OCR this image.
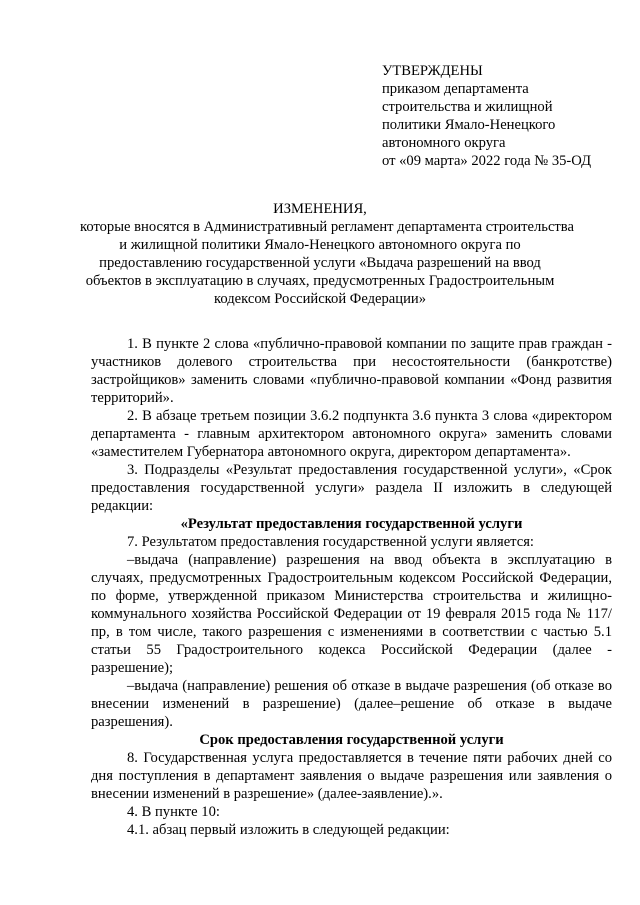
УТВЕРЖДЕНЫ
приказом департамента
строительства и жилищной
политики Ямало-Ненецкого
автономного округа
от «09 марта» 2022 года № 35-ОД
ИЗМЕНЕНИЯ,
которые вносятся в Административный регламент департамента строительства
и жилищной политики Ямало-Ненецкого автономного округа по
предоставлению государственной услуги «Выдача разрешений на ввод
объектов в эксплуатацию в случаях, предусмотренных Градостроительным
кодексом Российской Федерации»

1. В пункте 2 слова «публично-правовой компании по защите прав граждан - участников долевого строительства при несостоятельности (банкротстве) застройщиков» заменить словами «публично-правовой компании «Фонд развития территорий».

2. В абзаце третьем позиции 3.6.2 подпункта 3.6 пункта 3 слова «директором департамента - главным архитектором автономного округа» заменить словами «заместителем Губернатора автономного округа, директором департамента».

3. Подразделы «Результат предоставления государственной услуги», «Срок предоставления государственной услуги» раздела II изложить в следующей редакции:

«Результат предоставления государственной услуги

7. Результатом предоставления государственной услуги является:

–выдача (направление) разрешения на ввод объекта в эксплуатацию в случаях, предусмотренных Градостроительным кодексом Российской Федерации, по форме, утвержденной приказом Министерства строительства и жилищно-коммунального хозяйства Российской Федерации от 19 февраля 2015 года № 117/пр, в том числе, такого разрешения с изменениями в соответствии с частью 5.1 статьи 55 Градостроительного кодекса Российской Федерации (далее - разрешение);

–выдача (направление) решения об отказе в выдаче разрешения (об отказе во внесении изменений в разрешение) (далее–решение об отказе в выдаче разрешения).

Срок предоставления государственной услуги

8. Государственная услуга предоставляется в течение пяти рабочих дней со дня поступления в департамент заявления о выдаче разрешения или заявления о внесении изменений в разрешение» (далее-заявление).».

4. В пункте 10:

4.1. абзац первый изложить в следующей редакции:
